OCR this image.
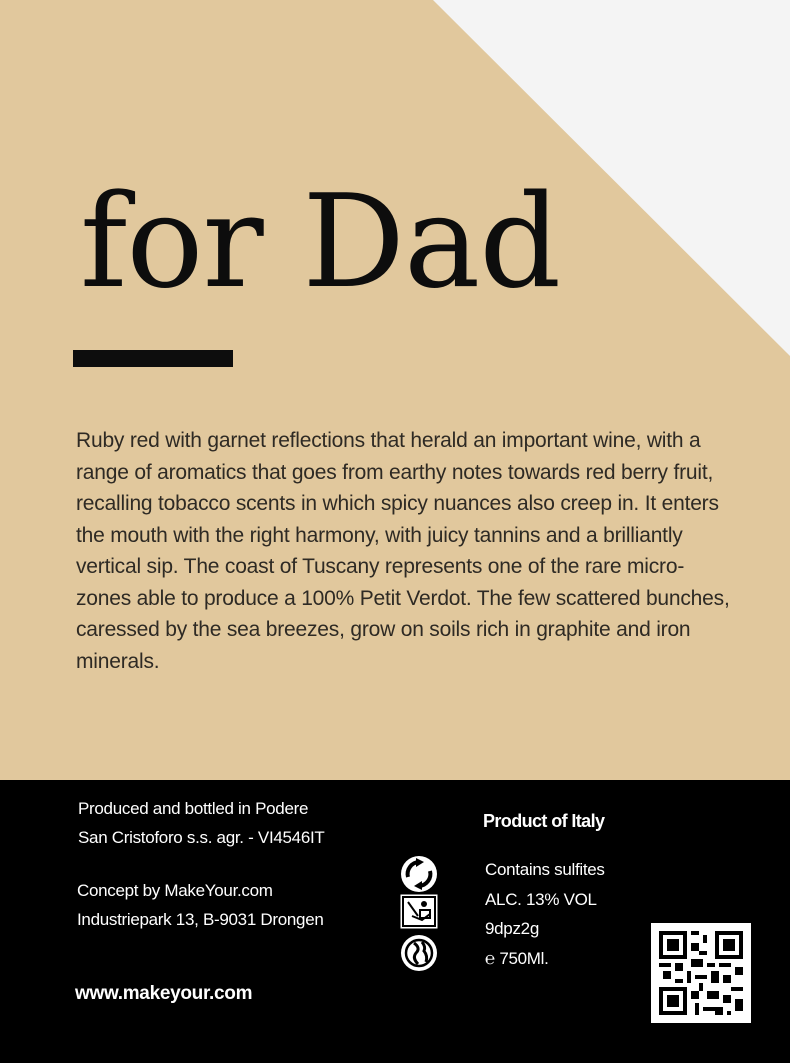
for Dad

Ruby red with garnet reflections that herald an important wine, with a range of aromatics that goes from earthy notes towards red berry fruit, recalling tobacco scents in which spicy nuances also creep in. It enters the mouth with the right harmony, with juicy tannins and a brilliantly vertical sip. The coast of Tuscany represents one of the rare micro-zones able to produce a 100% Petit Verdot. The few scattered bunches, caressed by the sea breezes, grow on soils rich in graphite and iron minerals.

Produced and bottled in Podere San Cristoforo s.s. agr. - VI4546IT

Concept by MakeYour.com Industriepark 13, B-9031 Drongen

www.makeyour.com
Product of Italy
Contains sulfites
ALC. 13% VOL
9dpz2g
℮ 750Ml.
